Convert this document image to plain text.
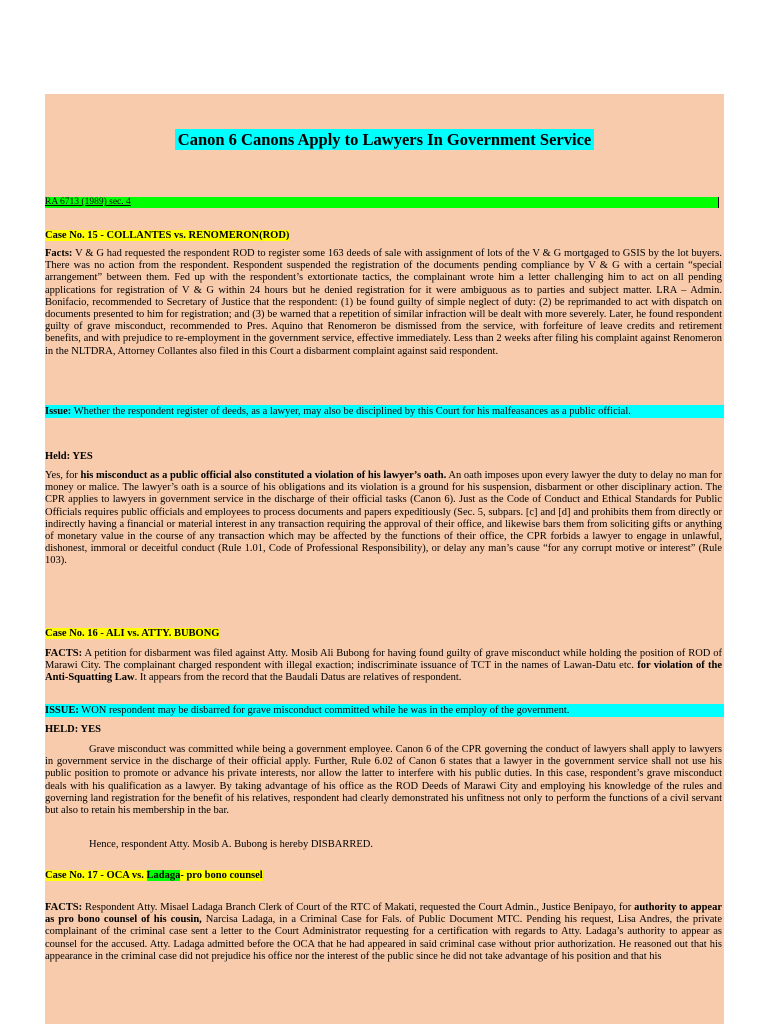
Canon 6 Canons Apply to Lawyers In Government Service
RA 6713 (1989) sec. 4
Case No. 15 - COLLANTES vs. RENOMERON(ROD)
Facts: V & G had requested the respondent ROD to register some 163 deeds of sale with assignment of lots of the V & G mortgaged to GSIS by the lot buyers. There was no action from the respondent. Respondent suspended the registration of the documents pending compliance by V & G with a certain “special arrangement” between them. Fed up with the respondent’s extortionate tactics, the complainant wrote him a letter challenging him to act on all pending applications for registration of V & G within 24 hours but he denied registration for it were ambiguous as to parties and subject matter. LRA – Admin. Bonifacio, recommended to Secretary of Justice that the respondent: (1) be found guilty of simple neglect of duty: (2) be reprimanded to act with dispatch on documents presented to him for registration; and (3) be warned that a repetition of similar infraction will be dealt with more severely. Later, he found respondent guilty of grave misconduct, recommended to Pres. Aquino that Renomeron be dismissed from the service, with forfeiture of leave credits and retirement benefits, and with prejudice to re-employment in the government service, effective immediately. Less than 2 weeks after filing his complaint against Renomeron in the NLTDRA, Attorney Collantes also filed in this Court a disbarment complaint against said respondent.
Issue: Whether the respondent register of deeds, as a lawyer, may also be disciplined by this Court for his malfeasances as a public official.
Held: YES
Yes, for his misconduct as a public official also constituted a violation of his lawyer’s oath. An oath imposes upon every lawyer the duty to delay no man for money or malice. The lawyer’s oath is a source of his obligations and its violation is a ground for his suspension, disbarment or other disciplinary action. The CPR applies to lawyers in government service in the discharge of their official tasks (Canon 6). Just as the Code of Conduct and Ethical Standards for Public Officials requires public officials and employees to process documents and papers expeditiously (Sec. 5, subpars. [c] and [d] and prohibits them from directly or indirectly having a financial or material interest in any transaction requiring the approval of their office, and likewise bars them from soliciting gifts or anything of monetary value in the course of any transaction which may be affected by the functions of their office, the CPR forbids a lawyer to engage in unlawful, dishonest, immoral or deceitful conduct (Rule 1.01, Code of Professional Responsibility), or delay any man’s cause “for any corrupt motive or interest” (Rule 103).
Case No. 16 - ALI vs. ATTY. BUBONG
FACTS: A petition for disbarment was filed against Atty. Mosib Ali Bubong for having found guilty of grave misconduct while holding the position of ROD of Marawi City. The complainant charged respondent with illegal exaction; indiscriminate issuance of TCT in the names of Lawan-Datu etc. for violation of the Anti-Squatting Law. It appears from the record that the Baudali Datus are relatives of respondent.
ISSUE: WON respondent may be disbarred for grave misconduct committed while he was in the employ of the government.
HELD: YES
Grave misconduct was committed while being a government employee. Canon 6 of the CPR governing the conduct of lawyers shall apply to lawyers in government service in the discharge of their official apply. Further, Rule 6.02 of Canon 6 states that a lawyer in the government service shall not use his public position to promote or advance his private interests, nor allow the latter to interfere with his public duties. In this case, respondent’s grave misconduct deals with his qualification as a lawyer. By taking advantage of his office as the ROD Deeds of Marawi City and employing his knowledge of the rules and governing land registration for the benefit of his relatives, respondent had clearly demonstrated his unfitness not only to perform the functions of a civil servant but also to retain his membership in the bar.
Hence, respondent Atty. Mosib A. Bubong is hereby DISBARRED.
Case No. 17 - OCA vs. Ladaga- pro bono counsel
FACTS: Respondent Atty. Misael Ladaga Branch Clerk of Court of the RTC of Makati, requested the Court Admin., Justice Benipayo, for authority to appear as pro bono counsel of his cousin, Narcisa Ladaga, in a Criminal Case for Fals. of Public Document MTC. Pending his request, Lisa Andres, the private complainant of the criminal case sent a letter to the Court Administrator requesting for a certification with regards to Atty. Ladaga’s authority to appear as counsel for the accused. Atty. Ladaga admitted before the OCA that he had appeared in said criminal case without prior authorization. He reasoned out that his appearance in the criminal case did not prejudice his office nor the interest of the public since he did not take advantage of his position and that his
